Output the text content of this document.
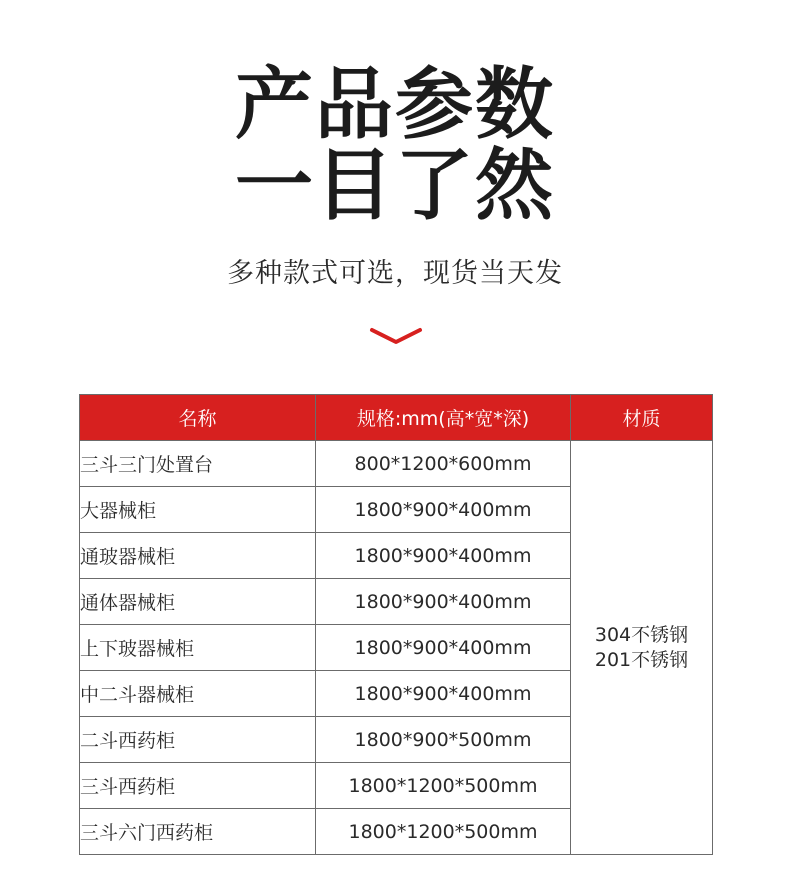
产品参数
一目了然
多种款式可选，现货当天发
名称	规格:mm(高*宽*深)	材质
三斗三门处置台	800*1200*600mm	304不锈钢
201不锈钢

大器械柜	1800*900*400mm	
通玻器械柜	1800*900*400mm	
通体器械柜	1800*900*400mm	
上下玻器械柜	1800*900*400mm	
中二斗器械柜	1800*900*400mm	
二斗西药柜	1800*900*500mm	
三斗西药柜	1800*1200*500mm	
三斗六门西药柜	1800*1200*500mm	
